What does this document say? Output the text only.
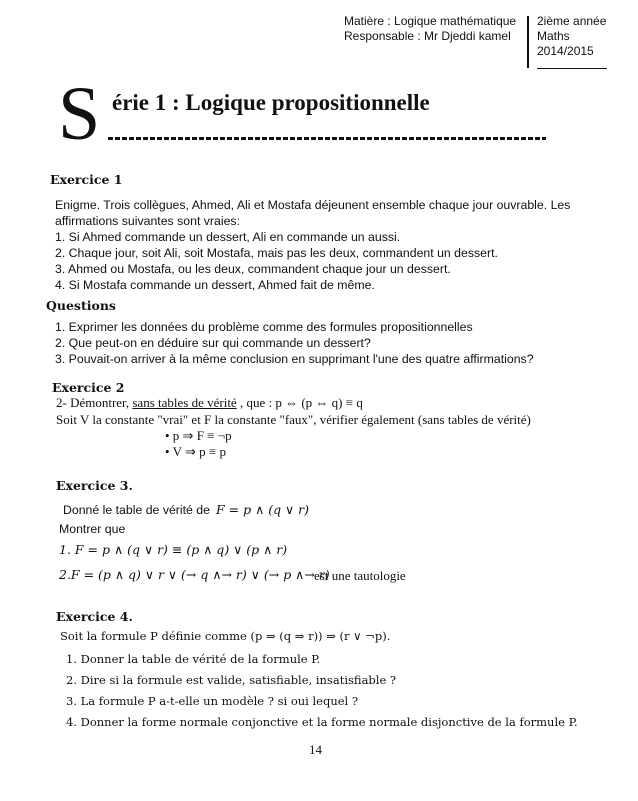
Matière : Logique mathématique
Responsable : Mr Djeddi kamel
2ième année
Maths
2014/2015
S érie 1 : Logique propositionnelle
Exercice 1
Enigme. Trois collègues, Ahmed, Ali et Mostafa déjeunent ensemble chaque jour ouvrable. Les
affirmations suivantes sont vraies:
1. Si Ahmed commande un dessert, Ali en commande un aussi.
2. Chaque jour, soit Ali, soit Mostafa, mais pas les deux, commandent un dessert.
3. Ahmed ou Mostafa, ou les deux, commandent chaque jour un dessert.
4. Si Mostafa commande un dessert, Ahmed fait de même.
Questions
1. Exprimer les données du problème comme des formules propositionnelles
2. Que peut-on en déduire sur qui commande un dessert?
3. Pouvait-on arriver à la même conclusion en supprimant l'une des quatre affirmations?
Exercice 2
2- Démontrer, sans tables de vérité , que : p ⇔ (p ⇔ q) ≡ q
Soit V la constante "vrai" et F la constante "faux", vérifier également (sans tables de vérité)
• p ⇒ F ≡ ¬p
• V ⇒ p ≡ p
Exercice 3.
Donné le table de vérité de F = p ∧ (q ∨ r)
Montrer que
1. F = p ∧ (q ∨ r) ≡ (p ∧ q) ∨ (p ∧ r)
2.F = (p ∧ q) ∨ r ∨ (→ q ∧→ r) ∨ (→ p ∧→ r)
est une tautologie
Exercice 4.
Soit la formule P définie comme (p ⇒ (q ⇒ r)) ⇒ (r ∨ ¬p).
1. Donner la table de vérité de la formule P.
2. Dire si la formule est valide, satisfiable, insatisfiable ?
3. La formule P a-t-elle un modèle ? si oui lequel ?
4. Donner la forme normale conjonctive et la forme normale disjonctive de la formule P.
14
